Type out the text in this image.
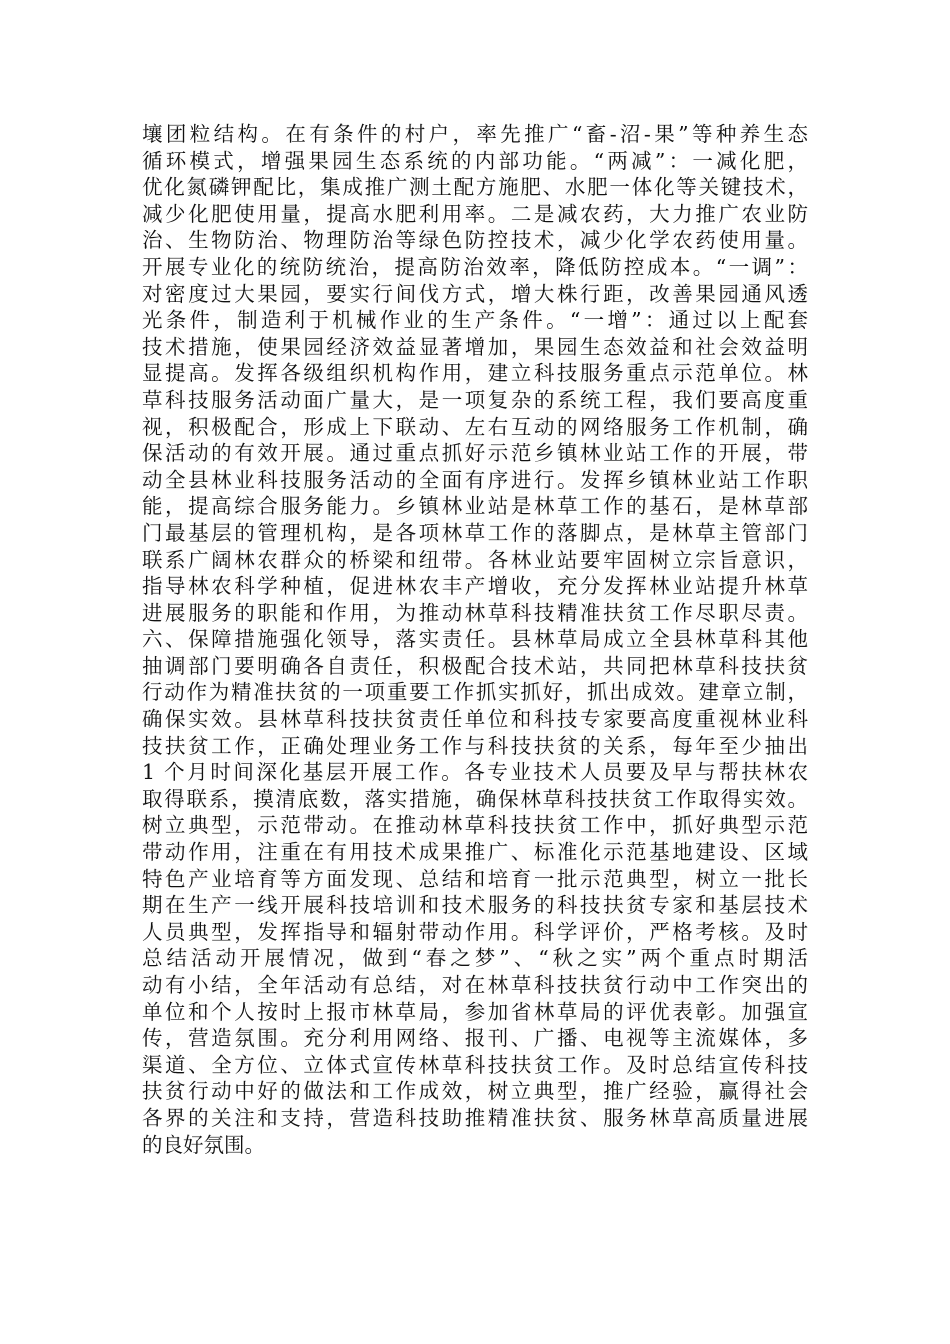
壤团粒结构。在有条件的村户，率先推广“畜-沼-果”等种养生态
循环模式，增强果园生态系统的内部功能。“两减”：一减化肥，
优化氮磷钾配比，集成推广测土配方施肥、水肥一体化等关键技术，
减少化肥使用量，提高水肥利用率。二是减农药，大力推广农业防
治、生物防治、物理防治等绿色防控技术，减少化学农药使用量。
开展专业化的统防统治，提高防治效率，降低防控成本。“一调”：
对密度过大果园，要实行间伐方式，增大株行距，改善果园通风透
光条件，制造利于机械作业的生产条件。“一增”：通过以上配套
技术措施，使果园经济效益显著增加，果园生态效益和社会效益明
显提高。发挥各级组织机构作用，建立科技服务重点示范单位。林
草科技服务活动面广量大，是一项复杂的系统工程，我们要高度重
视，积极配合，形成上下联动、左右互动的网络服务工作机制，确
保活动的有效开展。通过重点抓好示范乡镇林业站工作的开展，带
动全县林业科技服务活动的全面有序进行。发挥乡镇林业站工作职
能，提高综合服务能力。乡镇林业站是林草工作的基石，是林草部
门最基层的管理机构，是各项林草工作的落脚点，是林草主管部门
联系广阔林农群众的桥梁和纽带。各林业站要牢固树立宗旨意识，
指导林农科学种植，促进林农丰产增收，充分发挥林业站提升林草
进展服务的职能和作用，为推动林草科技精准扶贫工作尽职尽责。
六、保障措施强化领导，落实责任。县林草局成立全县林草科其他
抽调部门要明确各自责任，积极配合技术站，共同把林草科技扶贫
行动作为精准扶贫的一项重要工作抓实抓好，抓出成效。建章立制，
确保实效。县林草科技扶贫责任单位和科技专家要高度重视林业科
技扶贫工作，正确处理业务工作与科技扶贫的关系，每年至少抽出
1 个月时间深化基层开展工作。各专业技术人员要及早与帮扶林农
取得联系，摸清底数，落实措施，确保林草科技扶贫工作取得实效。
树立典型，示范带动。在推动林草科技扶贫工作中，抓好典型示范
带动作用，注重在有用技术成果推广、标准化示范基地建设、区域
特色产业培育等方面发现、总结和培育一批示范典型，树立一批长
期在生产一线开展科技培训和技术服务的科技扶贫专家和基层技术
人员典型，发挥指导和辐射带动作用。科学评价，严格考核。及时
总结活动开展情况，做到“春之梦”、“秋之实”两个重点时期活
动有小结，全年活动有总结，对在林草科技扶贫行动中工作突出的
单位和个人按时上报市林草局，参加省林草局的评优表彰。加强宣
传，营造氛围。充分利用网络、报刊、广播、电视等主流媒体，多
渠道、全方位、立体式宣传林草科技扶贫工作。及时总结宣传科技
扶贫行动中好的做法和工作成效，树立典型，推广经验，赢得社会
各界的关注和支持，营造科技助推精准扶贫、服务林草高质量进展
的良好氛围。
